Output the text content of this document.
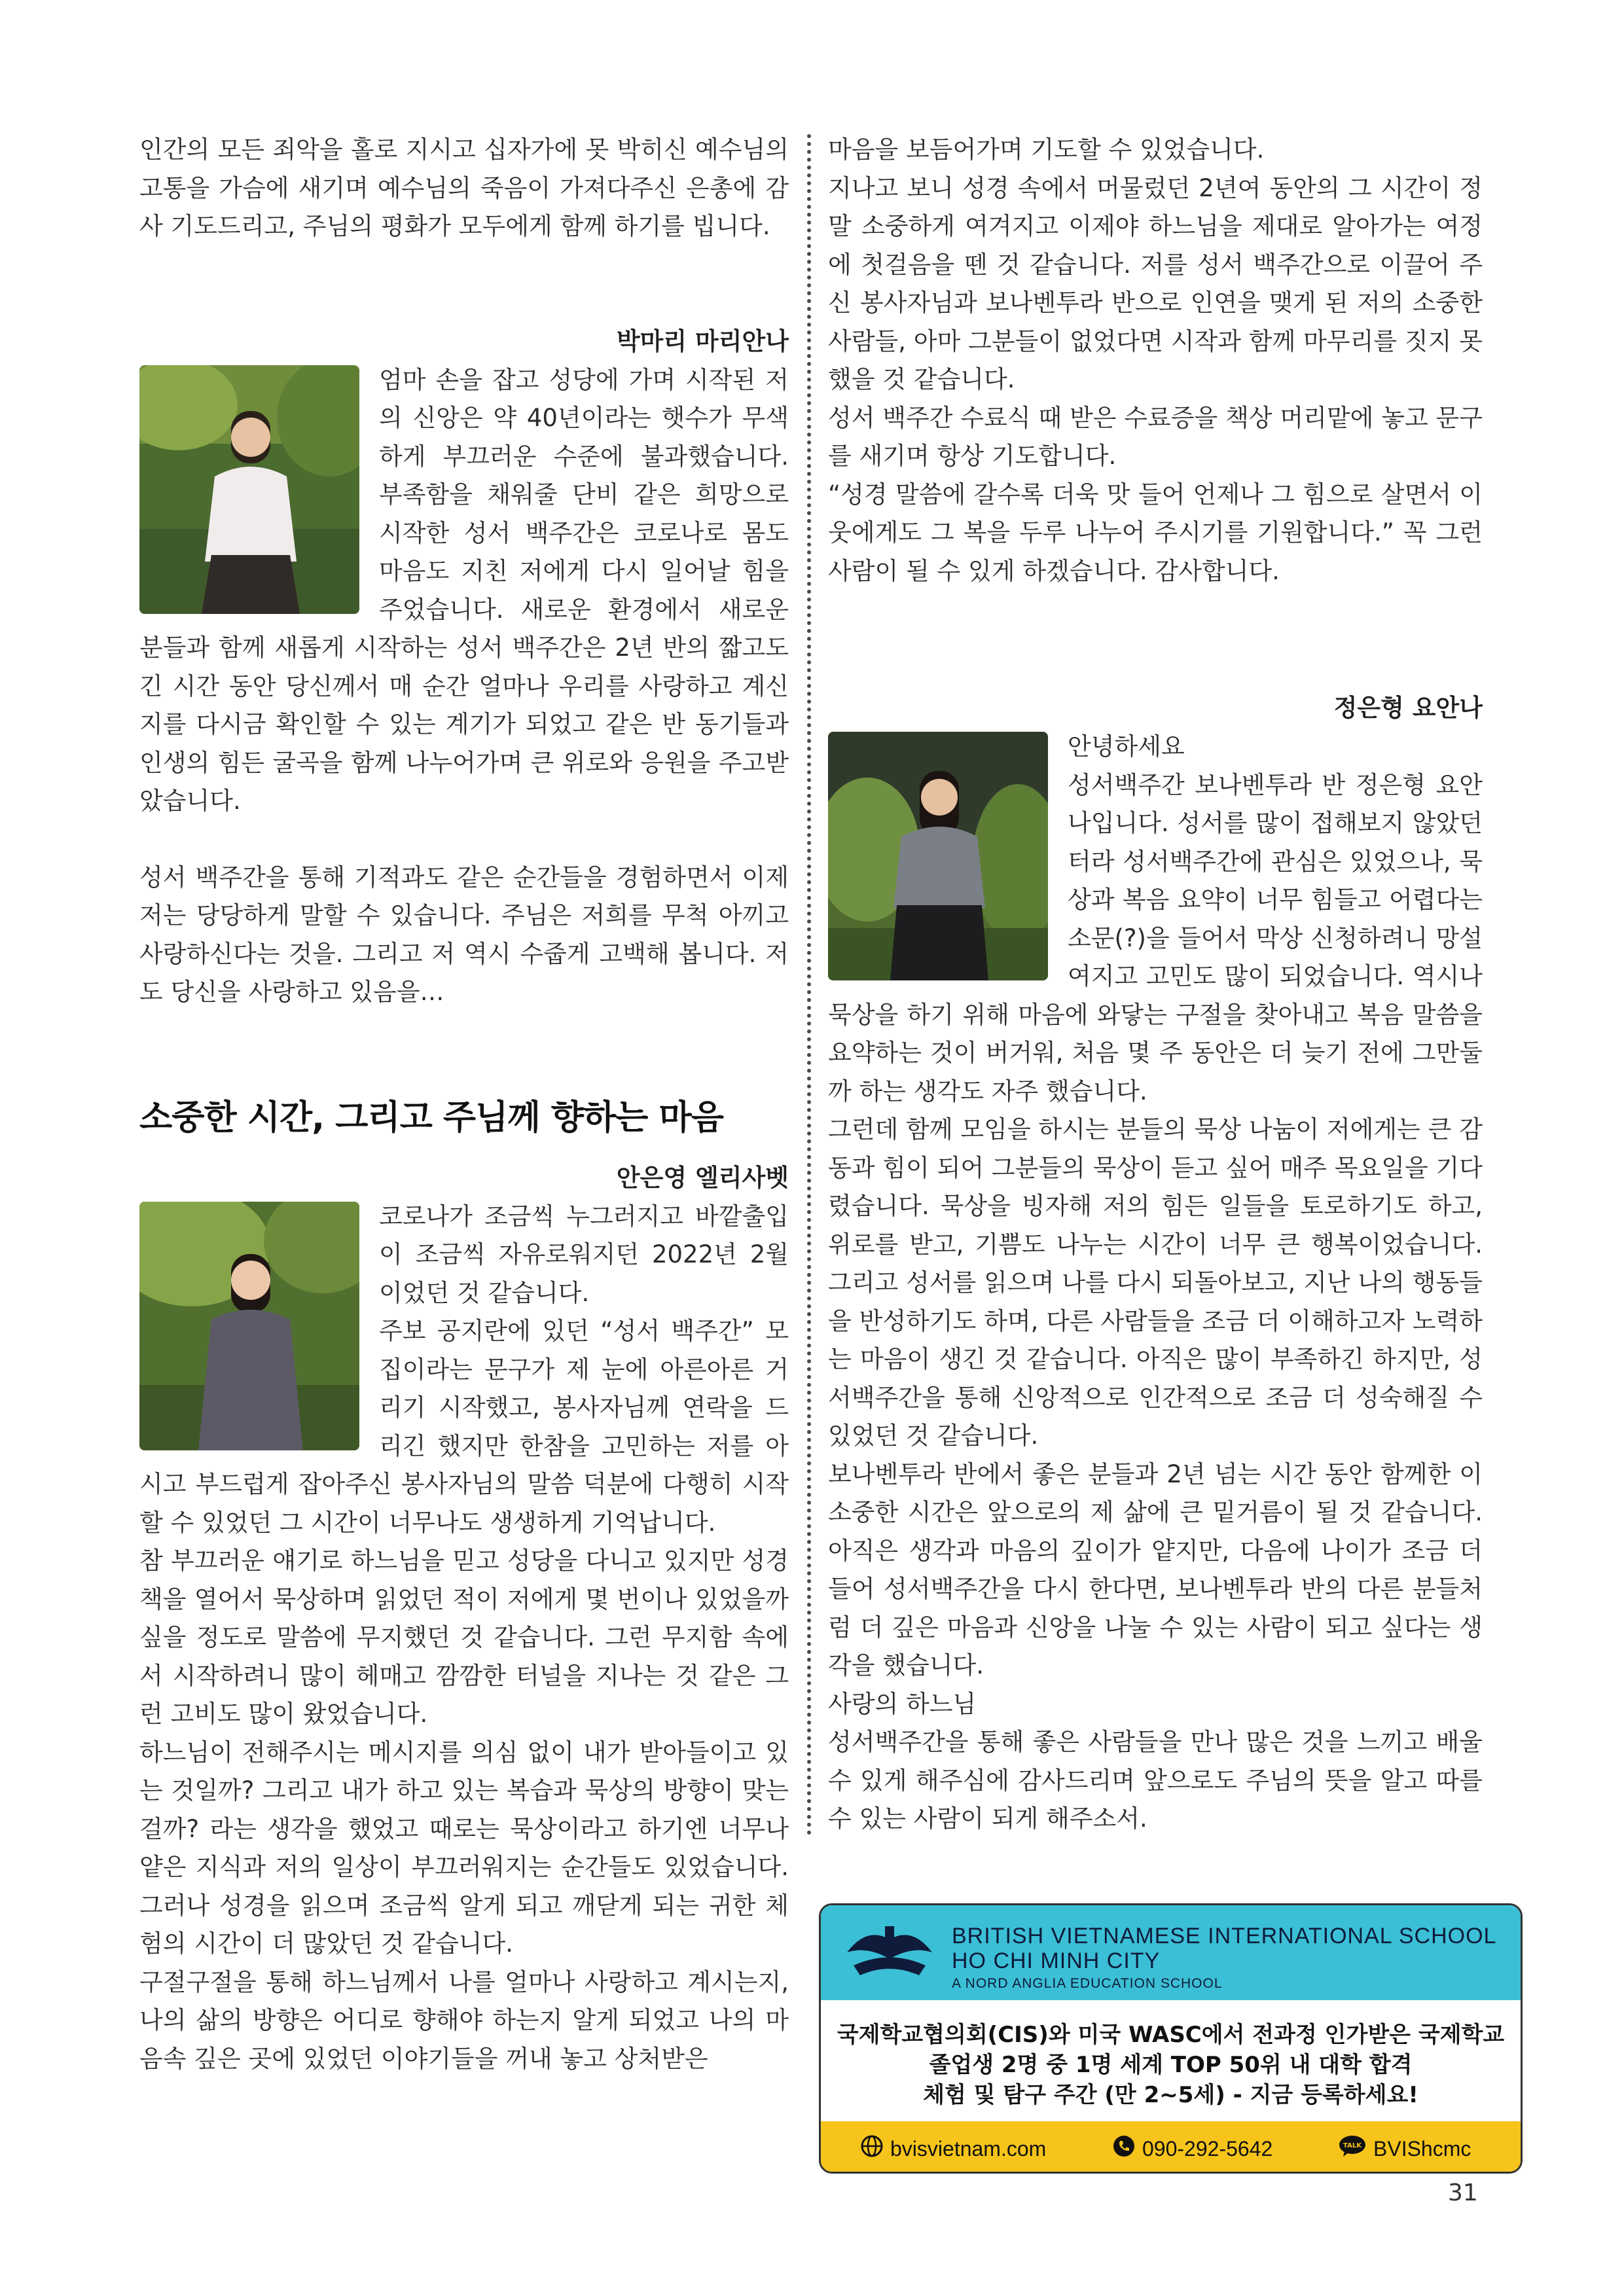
인간의 모든 죄악을 홀로 지시고 십자가에 못 박히신 예수님의 고통을 가슴에 새기며 예수님의 죽음이 가져다주신 은총에 감사 기도드리고, 주님의 평화가 모두에게 함께 하기를 빕니다.

박마리 마리안나

엄마 손을 잡고 성당에 가며 시작된 저의 신앙은 약 40년이라는 햇수가 무색하게 부끄러운 수준에 불과했습니다. 부족함을 채워줄 단비 같은 희망으로 시작한 성서 백주간은 코로나로 몸도 마음도 지친 저에게 다시 일어날 힘을 주었습니다. 새로운 환경에서 새로운 분들과 함께 새롭게 시작하는 성서 백주간은 2년 반의 짧고도 긴 시간 동안 당신께서 매 순간 얼마나 우리를 사랑하고 계신지를 다시금 확인할 수 있는 계기가 되었고 같은 반 동기들과 인생의 힘든 굴곡을 함께 나누어가며 큰 위로와 응원을 주고받았습니다.

성서 백주간을 통해 기적과도 같은 순간들을 경험하면서 이제 저는 당당하게 말할 수 있습니다. 주님은 저희를 무척 아끼고 사랑하신다는 것을. 그리고 저 역시 수줍게 고백해 봅니다. 저도 당신을 사랑하고 있음을…

소중한 시간, 그리고 주님께 향하는 마음

안은영 엘리사벳

코로나가 조금씩 누그러지고 바깥출입이 조금씩 자유로워지던 2022년 2월이었던 것 같습니다.

주보 공지란에 있던 “성서 백주간” 모집이라는 문구가 제 눈에 아른아른 거리기 시작했고, 봉사자님께 연락을 드리긴 했지만 한참을 고민하는 저를 아시고 부드럽게 잡아주신 봉사자님의 말씀 덕분에 다행히 시작할 수 있었던 그 시간이 너무나도 생생하게 기억납니다.

참 부끄러운 얘기로 하느님을 믿고 성당을 다니고 있지만 성경책을 열어서 묵상하며 읽었던 적이 저에게 몇 번이나 있었을까 싶을 정도로 말씀에 무지했던 것 같습니다. 그런 무지함 속에서 시작하려니 많이 헤매고 깜깜한 터널을 지나는 것 같은 그런 고비도 많이 왔었습니다.

하느님이 전해주시는 메시지를 의심 없이 내가 받아들이고 있는 것일까? 그리고 내가 하고 있는 복습과 묵상의 방향이 맞는 걸까? 라는 생각을 했었고 때로는 묵상이라고 하기엔 너무나 얕은 지식과 저의 일상이 부끄러워지는 순간들도 있었습니다. 그러나 성경을 읽으며 조금씩 알게 되고 깨닫게 되는 귀한 체험의 시간이 더 많았던 것 같습니다.

구절구절을 통해 하느님께서 나를 얼마나 사랑하고 계시는지, 나의 삶의 방향은 어디로 향해야 하는지 알게 되었고 나의 마음속 깊은 곳에 있었던 이야기들을 꺼내 놓고 상처받은

마음을 보듬어가며 기도할 수 있었습니다.

지나고 보니 성경 속에서 머물렀던 2년여 동안의 그 시간이 정말 소중하게 여겨지고 이제야 하느님을 제대로 알아가는 여정에 첫걸음을 뗀 것 같습니다. 저를 성서 백주간으로 이끌어 주신 봉사자님과 보나벤투라 반으로 인연을 맺게 된 저의 소중한 사람들, 아마 그분들이 없었다면 시작과 함께 마무리를 짓지 못했을 것 같습니다.

성서 백주간 수료식 때 받은 수료증을 책상 머리맡에 놓고 문구를 새기며 항상 기도합니다.

“성경 말씀에 갈수록 더욱 맛 들어 언제나 그 힘으로 살면서 이웃에게도 그 복을 두루 나누어 주시기를 기원합니다.” 꼭 그런 사람이 될 수 있게 하겠습니다. 감사합니다.

정은형 요안나

안녕하세요

성서백주간 보나벤투라 반 정은형 요안나입니다. 성서를 많이 접해보지 않았던 터라 성서백주간에 관심은 있었으나, 묵상과 복음 요약이 너무 힘들고 어렵다는 소문(?)을 들어서 막상 신청하려니 망설여지고 고민도 많이 되었습니다. 역시나 묵상을 하기 위해 마음에 와닿는 구절을 찾아내고 복음 말씀을 요약하는 것이 버거워, 처음 몇 주 동안은 더 늦기 전에 그만둘까 하는 생각도 자주 했습니다.

그런데 함께 모임을 하시는 분들의 묵상 나눔이 저에게는 큰 감동과 힘이 되어 그분들의 묵상이 듣고 싶어 매주 목요일을 기다렸습니다. 묵상을 빙자해 저의 힘든 일들을 토로하기도 하고, 위로를 받고, 기쁨도 나누는 시간이 너무 큰 행복이었습니다. 그리고 성서를 읽으며 나를 다시 되돌아보고, 지난 나의 행동들을 반성하기도 하며, 다른 사람들을 조금 더 이해하고자 노력하는 마음이 생긴 것 같습니다. 아직은 많이 부족하긴 하지만, 성서백주간을 통해 신앙적으로 인간적으로 조금 더 성숙해질 수 있었던 것 같습니다.

보나벤투라 반에서 좋은 분들과 2년 넘는 시간 동안 함께한 이 소중한 시간은 앞으로의 제 삶에 큰 밑거름이 될 것 같습니다. 아직은 생각과 마음의 깊이가 얕지만, 다음에 나이가 조금 더 들어 성서백주간을 다시 한다면, 보나벤투라 반의 다른 분들처럼 더 깊은 마음과 신앙을 나눌 수 있는 사람이 되고 싶다는 생각을 했습니다.

사랑의 하느님

성서백주간을 통해 좋은 사람들을 만나 많은 것을 느끼고 배울 수 있게 해주심에 감사드리며 앞으로도 주님의 뜻을 알고 따를 수 있는 사람이 되게 해주소서.

BRITISH VIETNAMESE INTERNATIONAL SCHOOL
HO CHI MINH CITY
A NORD ANGLIA EDUCATION SCHOOL
국제학교협의회(CIS)와 미국 WASC에서 전과정 인가받은 국제학교
졸업생 2명 중 1명 세계 TOP 50위 내 대학 합격
체험 및 탐구 주간 (만 2~5세) - 지금 등록하세요!
bvisvietnam.com	090-292-5642	TALK BVIShcmc
31
